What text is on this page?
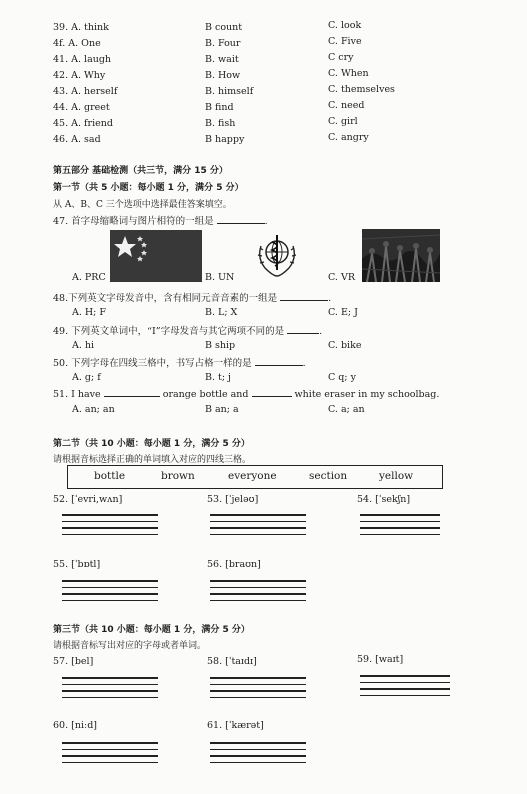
39. A. think	B count	C. look
4f. A. One	B. Four	C. Five
41. A. laugh	B. wait	C cry
42. A. Why	B. How	C. When
43. A. herself	B. himself	C. themselves
44. A. greet	B find	C. need
45. A. friend	B. fish	C. girl
46. A. sad	B happy	C. angry
第五部分 基础检测（共三节，满分 15 分）
第一节（共 5 小题：每小题 1 分，满分 5 分）
从 A、B、C 三个选项中选择最佳答案填空。
47. 首字母缩略词与图片相符的一组是	.
A. PRC	B. UN	C. VR
48.下列英文字母发音中，含有相同元音音素的一组是	.
A. H; F	B. L; X	C. E; J
49. 下列英文单词中，“I”字母发音与其它两项不同的是	.
A. hi	B ship	C. bike
50. 下列字母在四线三格中，书写占格一样的是	.
A. g; f	B. t; j	C q; y
51. I have	orange bottle and	white eraser in my schoolbag.
A. an; an	B an; a	C. a; an
第二节（共 10 小题：每小题 1 分，满分 5 分）
请根据音标选择正确的单词填入对应的四线三格。
bottle	brown	everyone	section	yellow
52. [ˈevri,wʌn]	53. [ˈjeləʊ]	54. [ˈsekʃn]
55. [ˈbɒtl]	56. [braʊn]
第三节（共 10 小题：每小题 1 分，满分 5 分）
请根据音标写出对应的字母或者单词。
57. [bel]	58. [ˈtaɪdɪ]	59. [waɪt]
60. [niːd]	61. [ˈkærət]
